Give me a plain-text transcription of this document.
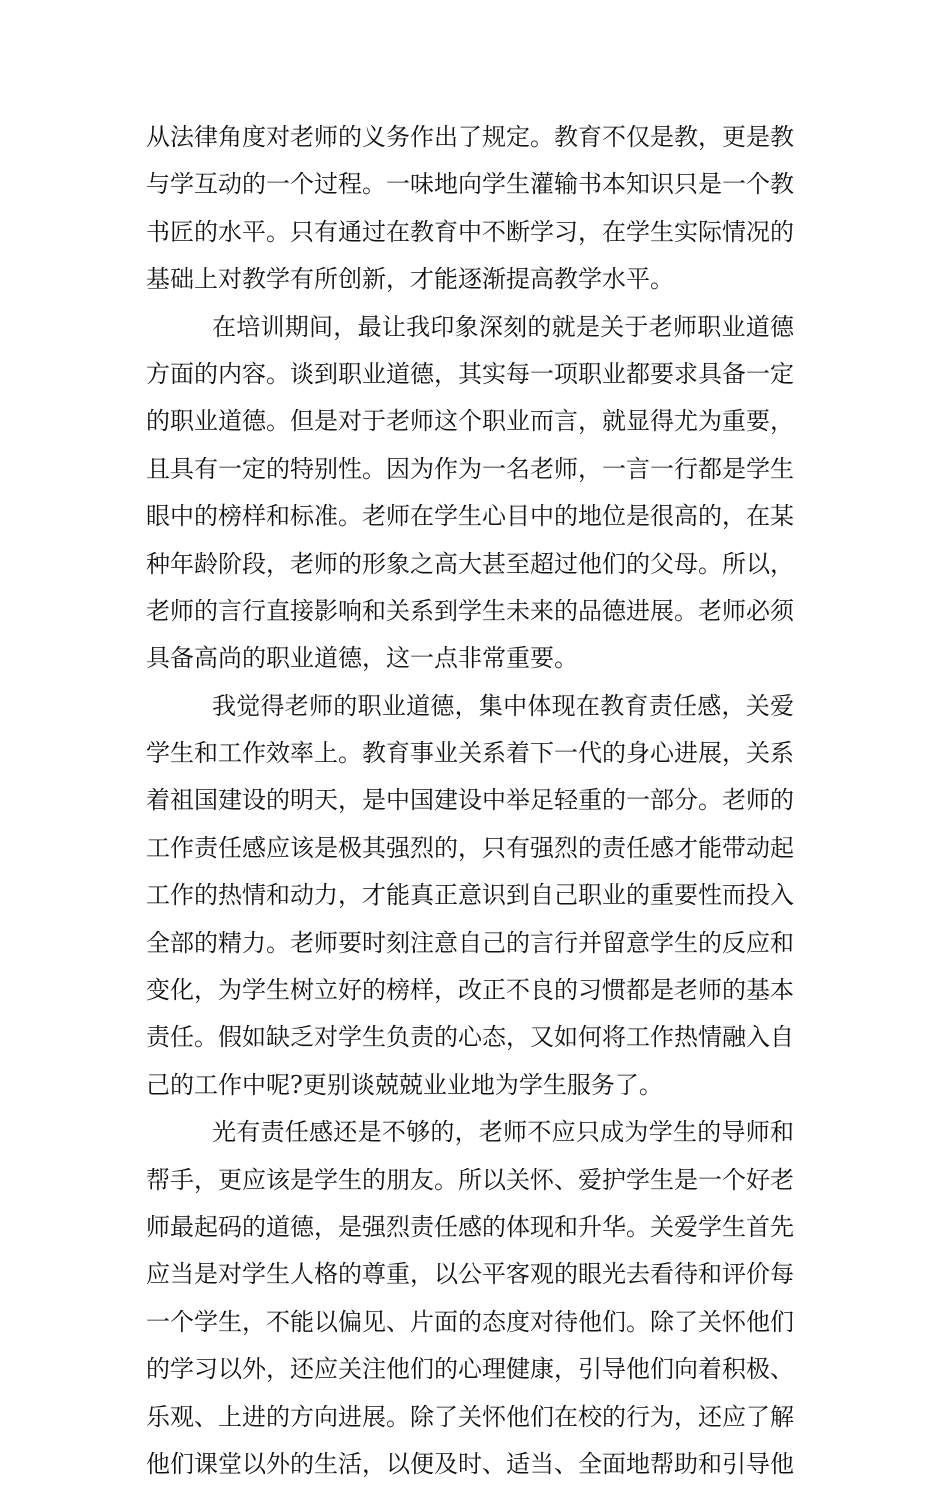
从法律角度对老师的义务作出了规定。教育不仅是教，更是教
与学互动的一个过程。一味地向学生灌输书本知识只是一个教
书匠的水平。只有通过在教育中不断学习，在学生实际情况的
基础上对教学有所创新，才能逐渐提高教学水平。
在培训期间，最让我印象深刻的就是关于老师职业道德
方面的内容。谈到职业道德，其实每一项职业都要求具备一定
的职业道德。但是对于老师这个职业而言，就显得尤为重要，
且具有一定的特别性。因为作为一名老师，一言一行都是学生
眼中的榜样和标准。老师在学生心目中的地位是很高的，在某
种年龄阶段，老师的形象之高大甚至超过他们的父母。所以，
老师的言行直接影响和关系到学生未来的品德进展。老师必须
具备高尚的职业道德，这一点非常重要。
我觉得老师的职业道德，集中体现在教育责任感，关爱
学生和工作效率上。教育事业关系着下一代的身心进展，关系
着祖国建设的明天，是中国建设中举足轻重的一部分。老师的
工作责任感应该是极其强烈的，只有强烈的责任感才能带动起
工作的热情和动力，才能真正意识到自己职业的重要性而投入
全部的精力。老师要时刻注意自己的言行并留意学生的反应和
变化，为学生树立好的榜样，改正不良的习惯都是老师的基本
责任。假如缺乏对学生负责的心态，又如何将工作热情融入自
己的工作中呢?更别谈兢兢业业地为学生服务了。
光有责任感还是不够的，老师不应只成为学生的导师和
帮手，更应该是学生的朋友。所以关怀、爱护学生是一个好老
师最起码的道德，是强烈责任感的体现和升华。关爱学生首先
应当是对学生人格的尊重，以公平客观的眼光去看待和评价每
一个学生，不能以偏见、片面的态度对待他们。除了关怀他们
的学习以外，还应关注他们的心理健康，引导他们向着积极、
乐观、上进的方向进展。除了关怀他们在校的行为，还应了解
他们课堂以外的生活，以便及时、适当、全面地帮助和引导他
